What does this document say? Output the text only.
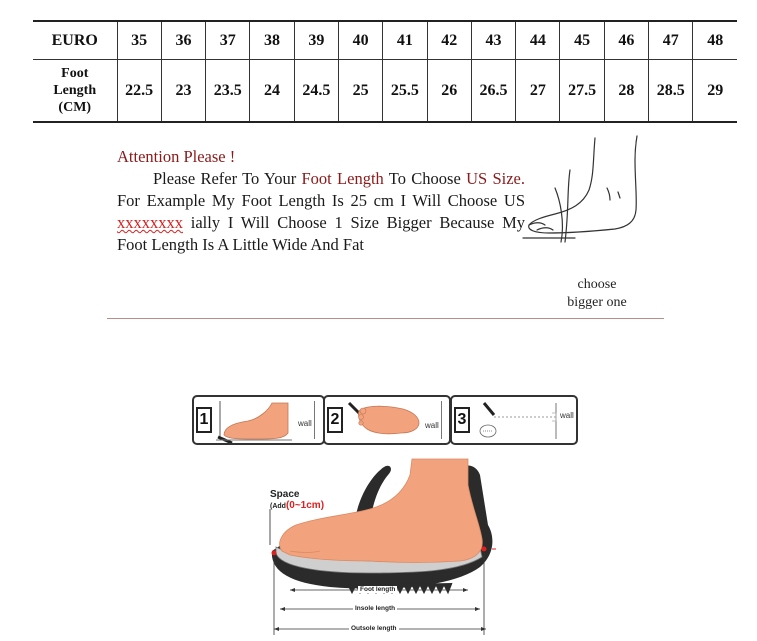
EURO	35	36	37	38	39	40	41	42	43	44	45	46	47	48

Foot
Length
(CM)	22.5	23	23.5	24	24.5	25	25.5	26	26.5	27	27.5	28	28.5	29

Attention Please !

Please Refer To Your Foot Length To Choose US Size. For Example My Foot Length Is 25 cm I Will Choose US xxxxxxxx ially I Will Choose 1 Size Bigger Because My Foot Length Is A Little Wide And Fat

choose
bigger one
1	wall 2	wall 3	wall
Space
(Add(0~1cm)
Foot length
Insole length
Outsole length
